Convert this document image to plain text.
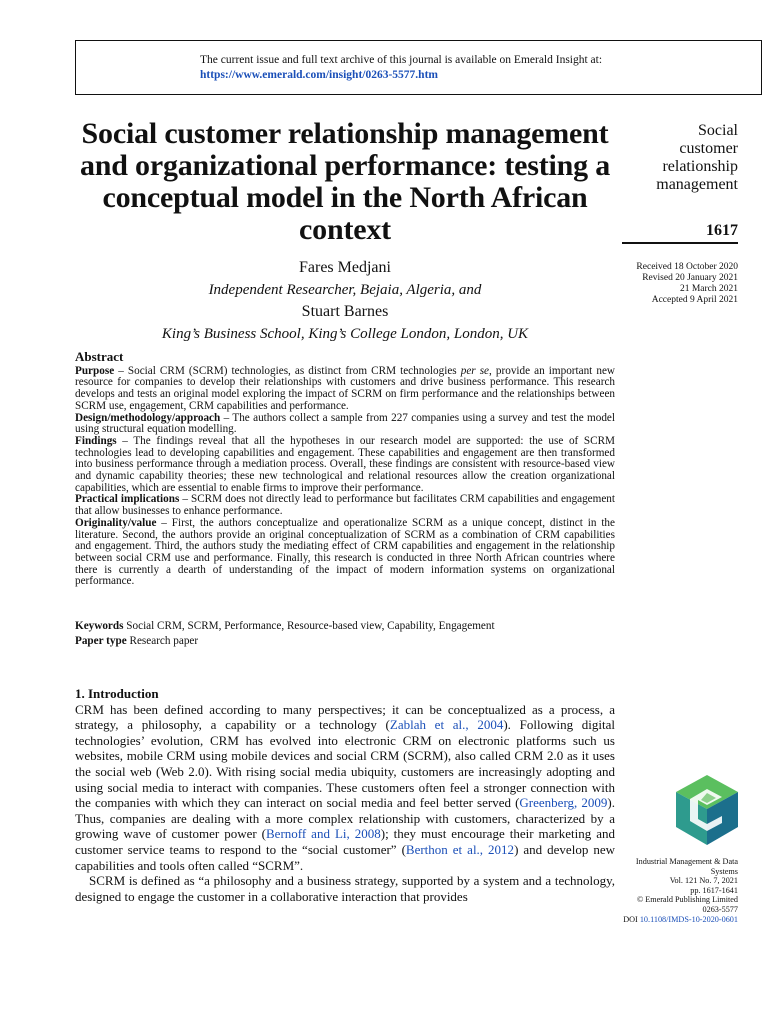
The current issue and full text archive of this journal is available on Emerald Insight at:
https://www.emerald.com/insight/0263-5577.htm
Social customer relationship management and organizational performance: testing a conceptual model in the North African context
Social
customer
relationship
management
1617
Received 18 October 2020
Revised 20 January 2021
21 March 2021
Accepted 9 April 2021
Fares Medjani
Independent Researcher, Bejaia, Algeria, and
Stuart Barnes
King’s Business School, King’s College London, London, UK
Abstract

Purpose – Social CRM (SCRM) technologies, as distinct from CRM technologies per se, provide an important new resource for companies to develop their relationships with customers and drive business performance. This research develops and tests an original model exploring the impact of SCRM on firm performance and the relationships between SCRM use, engagement, CRM capabilities and performance.

Design/methodology/approach – The authors collect a sample from 227 companies using a survey and test the model using structural equation modelling.

Findings – The findings reveal that all the hypotheses in our research model are supported: the use of SCRM technologies lead to developing capabilities and engagement. These capabilities and engagement are then transformed into business performance through a mediation process. Overall, these findings are consistent with resource-based view and dynamic capability theories; these new technological and relational resources allow the creation organizational capabilities, which are essential to enable firms to improve their performance.

Practical implications – SCRM does not directly lead to performance but facilitates CRM capabilities and engagement that allow businesses to enhance performance.

Originality/value – First, the authors conceptualize and operationalize SCRM as a unique concept, distinct in the literature. Second, the authors provide an original conceptualization of SCRM as a combination of CRM capabilities and engagement. Third, the authors study the mediating effect of CRM capabilities and engagement in the relationship between social CRM use and performance. Finally, this research is conducted in three North African countries where there is currently a dearth of understanding of the impact of modern information systems on organizational performance.

Keywords Social CRM, SCRM, Performance, Resource-based view, Capability, Engagement
Paper type Research paper
1. Introduction

CRM has been defined according to many perspectives; it can be conceptualized as a process, a strategy, a philosophy, a capability or a technology (Zablah et al., 2004). Following digital technologies’ evolution, CRM has evolved into electronic CRM on electronic platforms such us websites, mobile CRM using mobile devices and social CRM (SCRM), also called CRM 2.0 as it uses the social web (Web 2.0). With rising social media ubiquity, customers are increasingly adopting and using social media to interact with companies. These customers often feel a stronger connection with the companies with which they can interact on social media and feel better served (Greenberg, 2009). Thus, companies are dealing with a more complex relationship with customers, characterized by a growing wave of customer power (Bernoff and Li, 2008); they must encourage their marketing and customer service teams to respond to the “social customer” (Berthon et al., 2012) and develop new capabilities and tools often called “SCRM”.

SCRM is defined as “a philosophy and a business strategy, supported by a system and a technology, designed to engage the customer in a collaborative interaction that provides

Industrial Management & Data
Systems
Vol. 121 No. 7, 2021
pp. 1617-1641
© Emerald Publishing Limited
0263-5577
DOI 10.1108/IMDS-10-2020-0601
